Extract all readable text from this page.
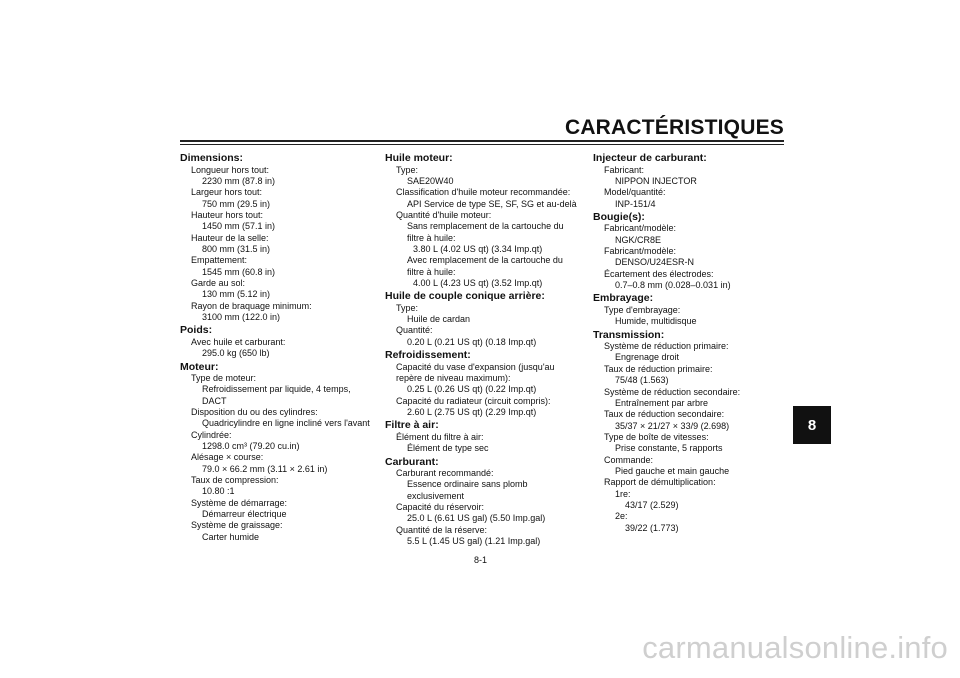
CARACTÉRISTIQUES
Dimensions:
Longueur hors tout:
2230 mm (87.8 in)
Largeur hors tout:
750 mm (29.5 in)
Hauteur hors tout:
1450 mm (57.1 in)
Hauteur de la selle:
800 mm (31.5 in)
Empattement:
1545 mm (60.8 in)
Garde au sol:
130 mm (5.12 in)
Rayon de braquage minimum:
3100 mm (122.0 in)
Poids:
Avec huile et carburant:
295.0 kg (650 lb)
Moteur:
Type de moteur:
Refroidissement par liquide, 4 temps,
DACT
Disposition du ou des cylindres:
Quadricylindre en ligne incliné vers l'avant
Cylindrée:
1298.0 cm³ (79.20 cu.in)
Alésage × course:
79.0 × 66.2 mm (3.11 × 2.61 in)
Taux de compression:
10.80 :1
Système de démarrage:
Démarreur électrique
Système de graissage:
Carter humide
Huile moteur:
Type:
SAE20W40
Classification d'huile moteur recommandée:
API Service de type SE, SF, SG et au-delà
Quantité d'huile moteur:
Sans remplacement de la cartouche du
filtre à huile:
3.80 L (4.02 US qt) (3.34 Imp.qt)
Avec remplacement de la cartouche du
filtre à huile:
4.00 L (4.23 US qt) (3.52 Imp.qt)
Huile de couple conique arrière:
Type:
Huile de cardan
Quantité:
0.20 L (0.21 US qt) (0.18 Imp.qt)
Refroidissement:
Capacité du vase d'expansion (jusqu'au
repère de niveau maximum):
0.25 L (0.26 US qt) (0.22 Imp.qt)
Capacité du radiateur (circuit compris):
2.60 L (2.75 US qt) (2.29 Imp.qt)
Filtre à air:
Élément du filtre à air:
Élément de type sec
Carburant:
Carburant recommandé:
Essence ordinaire sans plomb
exclusivement
Capacité du réservoir:
25.0 L (6.61 US gal) (5.50 Imp.gal)
Quantité de la réserve:
5.5 L (1.45 US gal) (1.21 Imp.gal)
Injecteur de carburant:
Fabricant:
NIPPON INJECTOR
Model/quantité:
INP-151/4
Bougie(s):
Fabricant/modèle:
NGK/CR8E
Fabricant/modèle:
DENSO/U24ESR-N
Écartement des électrodes:
0.7–0.8 mm (0.028–0.031 in)
Embrayage:
Type d'embrayage:
Humide, multidisque
Transmission:
Système de réduction primaire:
Engrenage droit
Taux de réduction primaire:
75/48 (1.563)
Système de réduction secondaire:
Entraînement par arbre
Taux de réduction secondaire:
35/37 × 21/27 × 33/9 (2.698)
Type de boîte de vitesses:
Prise constante, 5 rapports
Commande:
Pied gauche et main gauche
Rapport de démultiplication:
1re:
43/17 (2.529)
2e:
39/22 (1.773)
8
8-1
carmanualsonline.info
